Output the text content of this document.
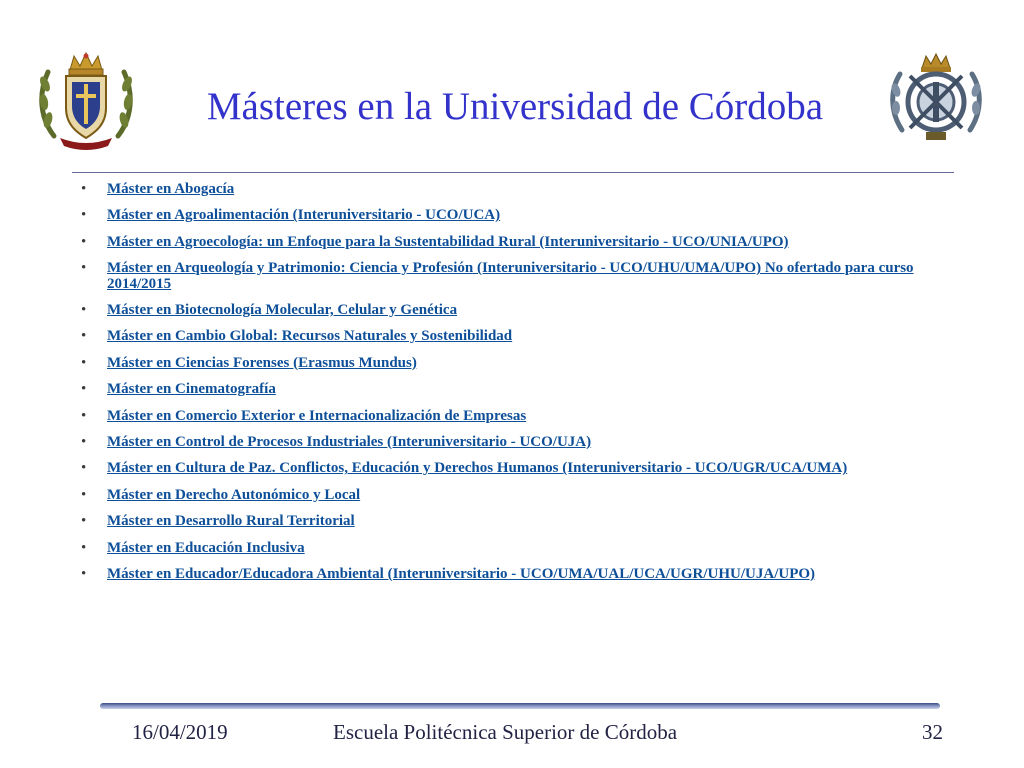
Másteres en la Universidad de Córdoba
• Máster en Abogacía
• Máster en Agroalimentación (Interuniversitario - UCO/UCA)
• Máster en Agroecología: un Enfoque para la Sustentabilidad Rural (Interuniversitario - UCO/UNIA/UPO)
• Máster en Arqueología y Patrimonio: Ciencia y Profesión (Interuniversitario - UCO/UHU/UMA/UPO) No ofertado para curso 2014/2015
• Máster en Biotecnología Molecular, Celular y Genética
• Máster en Cambio Global: Recursos Naturales y Sostenibilidad
• Máster en Ciencias Forenses (Erasmus Mundus)
• Máster en Cinematografía
• Máster en Comercio Exterior e Internacionalización de Empresas
• Máster en Control de Procesos Industriales (Interuniversitario - UCO/UJA)
• Máster en Cultura de Paz. Conflictos, Educación y Derechos Humanos (Interuniversitario - UCO/UGR/UCA/UMA)
• Máster en Derecho Autonómico y Local
• Máster en Desarrollo Rural Territorial
• Máster en Educación Inclusiva
• Máster en Educador/Educadora Ambiental (Interuniversitario - UCO/UMA/UAL/UCA/UGR/UHU/UJA/UPO)
16/04/2019	Escuela Politécnica Superior de Córdoba	32
